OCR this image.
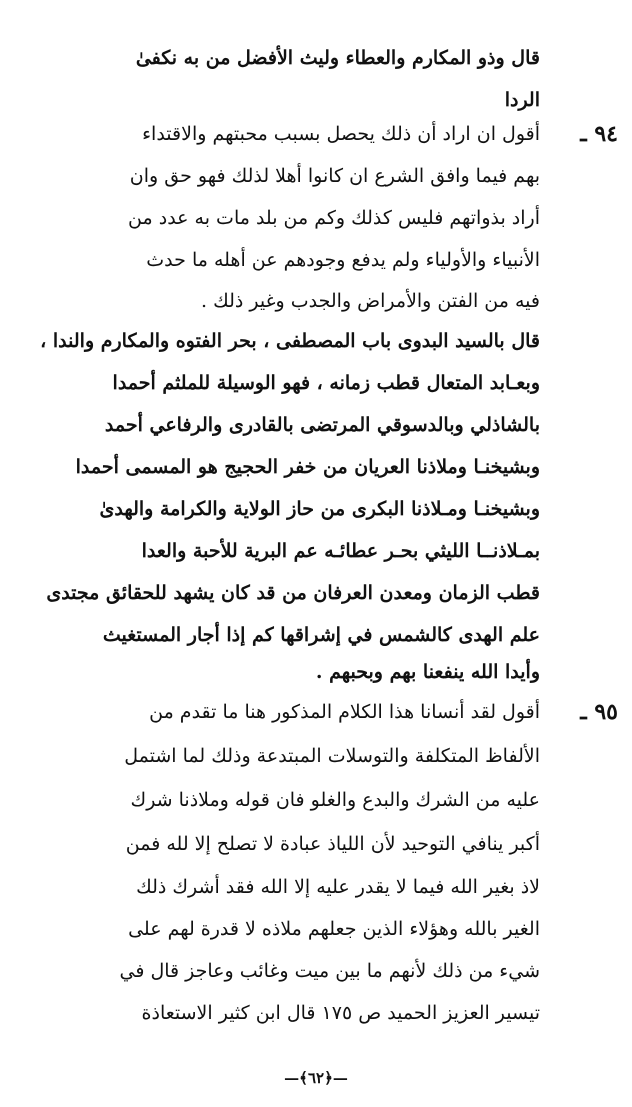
قال وذو المكارم والعطاء وليث الأفضل من به نكفىٰ
الردا
٩٤ ـ
أقول ان اراد أن ذلك يحصل بسبب محبتهم والاقتداء
بهم فيما وافق الشرع ان كانوا أهلا لذلك فهو حق وان
أراد بذواتهم فليس كذلك وكم من بلد مات به عدد من
الأنبياء والأولياء ولم يدفع وجودهم عن أهله ما حدث
فيه من الفتن والأمراض والجدب وغير ذلك .
قال بالسيد البدوى باب المصطفى ، بحر الفتوه والمكارم والندا ،
وبعـابد المتعال قطب زمانه ، فهو الوسيلة للملثم أحمدا
بالشاذلي وبالدسوقي المرتضى بالقادرى والرفاعي أحمد
وبشيخنـا وملاذنا العريان من خفر الحجيج هو المسمى أحمدا
وبشيخنـا ومـلاذنا البكرى من حاز الولاية والكرامة والهدىٰ
بمـلاذنــا الليثي بحـر عطائـه عم البرية للأحبة والعدا
قطب الزمان ومعدن العرفان من قد كان يشهد للحقائق مجتدى
علم الهدى كالشمس في إشراقها كم إذا أجار المستغيث
وأيدا الله ينفعنا بهم وبحبهم .
٩٥ ـ
أقول لقد أنسانا هذا الكلام المذكور هنا ما تقدم من
الألفاظ المتكلفة والتوسلات المبتدعة وذلك لما اشتمل
عليه من الشرك والبدع والغلو فان قوله وملاذنا شرك
أكبر ينافي التوحيد لأن اللياذ عبادة لا تصلح إلا لله فمن
لاذ بغير الله فيما لا يقدر عليه إلا الله فقد أشرك ذلك
الغير بالله وهؤلاء الذين جعلهم ملاذه لا قدرة لهم على
شيء من ذلك لأنهم ما بين ميت وغائب وعاجز قال في
تيسير العزيز الحميد ص ١٧٥ قال ابن كثير الاستعاذة
—﴿٦٢﴾—
